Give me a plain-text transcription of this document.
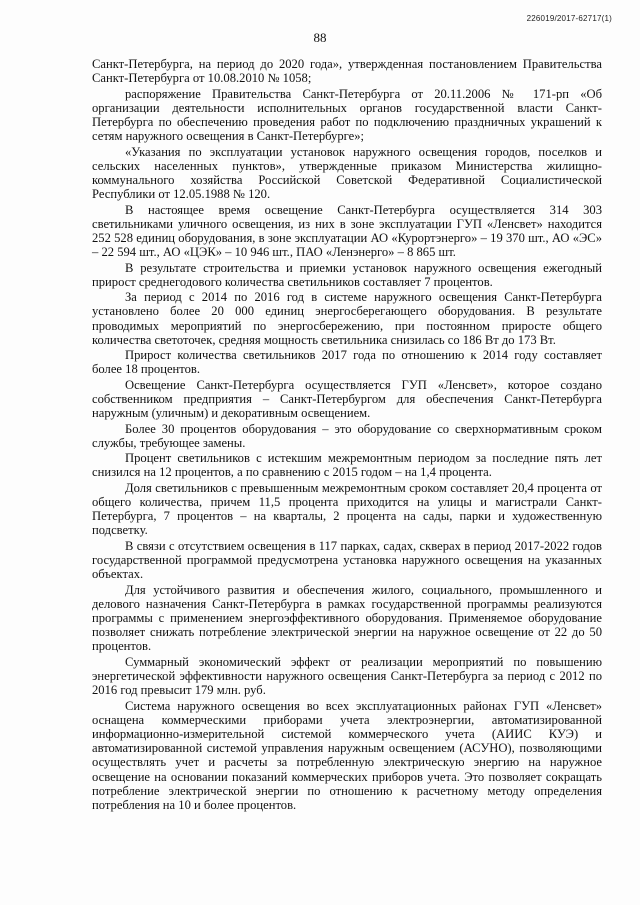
226019/2017-62717(1)
88

Санкт-Петербурга, на период до 2020 года», утвержденная постановлением Правительства Санкт-Петербурга от 10.08.2010 № 1058;

распоряжение Правительства Санкт-Петербурга от 20.11.2006 № 171-рп «Об организации деятельности исполнительных органов государственной власти Санкт-Петербурга по обеспечению проведения работ по подключению праздничных украшений к сетям наружного освещения в Санкт-Петербурге»;

«Указания по эксплуатации установок наружного освещения городов, поселков и сельских населенных пунктов», утвержденные приказом Министерства жилищно-коммунального хозяйства Российской Советской Федеративной Социалистической Республики от 12.05.1988 № 120.

В настоящее время освещение Санкт-Петербурга осуществляется 314 303 светильниками уличного освещения, из них в зоне эксплуатации ГУП «Ленсвет» находится 252 528 единиц оборудования, в зоне эксплуатации АО «Курортэнерго» – 19 370 шт., АО «ЭС» – 22 594 шт., АО «ЦЭК» – 10 946 шт., ПАО «Ленэнерго» – 8 865 шт.

В результате строительства и приемки установок наружного освещения ежегодный прирост среднегодового количества светильников составляет 7 процентов.

За период с 2014 по 2016 год в системе наружного освещения Санкт-Петербурга установлено более 20 000 единиц энергосберегающего оборудования. В результате проводимых мероприятий по энергосбережению, при постоянном приросте общего количества светоточек, средняя мощность светильника снизилась со 186 Вт до 173 Вт.

Прирост количества светильников 2017 года по отношению к 2014 году составляет более 18 процентов.

Освещение Санкт-Петербурга осуществляется ГУП «Ленсвет», которое создано собственником предприятия – Санкт-Петербургом для обеспечения Санкт-Петербурга наружным (уличным) и декоративным освещением.

Более 30 процентов оборудования – это оборудование со сверхнормативным сроком службы, требующее замены.

Процент светильников с истекшим межремонтным периодом за последние пять лет снизился на 12 процентов, а по сравнению с 2015 годом – на 1,4 процента.

Доля светильников с превышенным межремонтным сроком составляет 20,4 процента от общего количества, причем 11,5 процента приходится на улицы и магистрали Санкт-Петербурга, 7 процентов – на кварталы, 2 процента на сады, парки и художественную подсветку.

В связи с отсутствием освещения в 117 парках, садах, скверах в период 2017-2022 годов государственной программой предусмотрена установка наружного освещения на указанных объектах.

Для устойчивого развития и обеспечения жилого, социального, промышленного и делового назначения Санкт-Петербурга в рамках государственной программы реализуются программы с применением энергоэффективного оборудования. Применяемое оборудование позволяет снижать потребление электрической энергии на наружное освещение от 22 до 50 процентов.

Суммарный экономический эффект от реализации мероприятий по повышению энергетической эффективности наружного освещения Санкт-Петербурга за период с 2012 по 2016 год превысит 179 млн. руб.

Система наружного освещения во всех эксплуатационных районах ГУП «Ленсвет» оснащена коммерческими приборами учета электроэнергии, автоматизированной информационно-измерительной системой коммерческого учета (АИИС КУЭ) и автоматизированной системой управления наружным освещением (АСУНО), позволяющими осуществлять учет и расчеты за потребленную электрическую энергию на наружное освещение на основании показаний коммерческих приборов учета. Это позволяет сокращать потребление электрической энергии по отношению к расчетному методу определения потребления на 10 и более процентов.
